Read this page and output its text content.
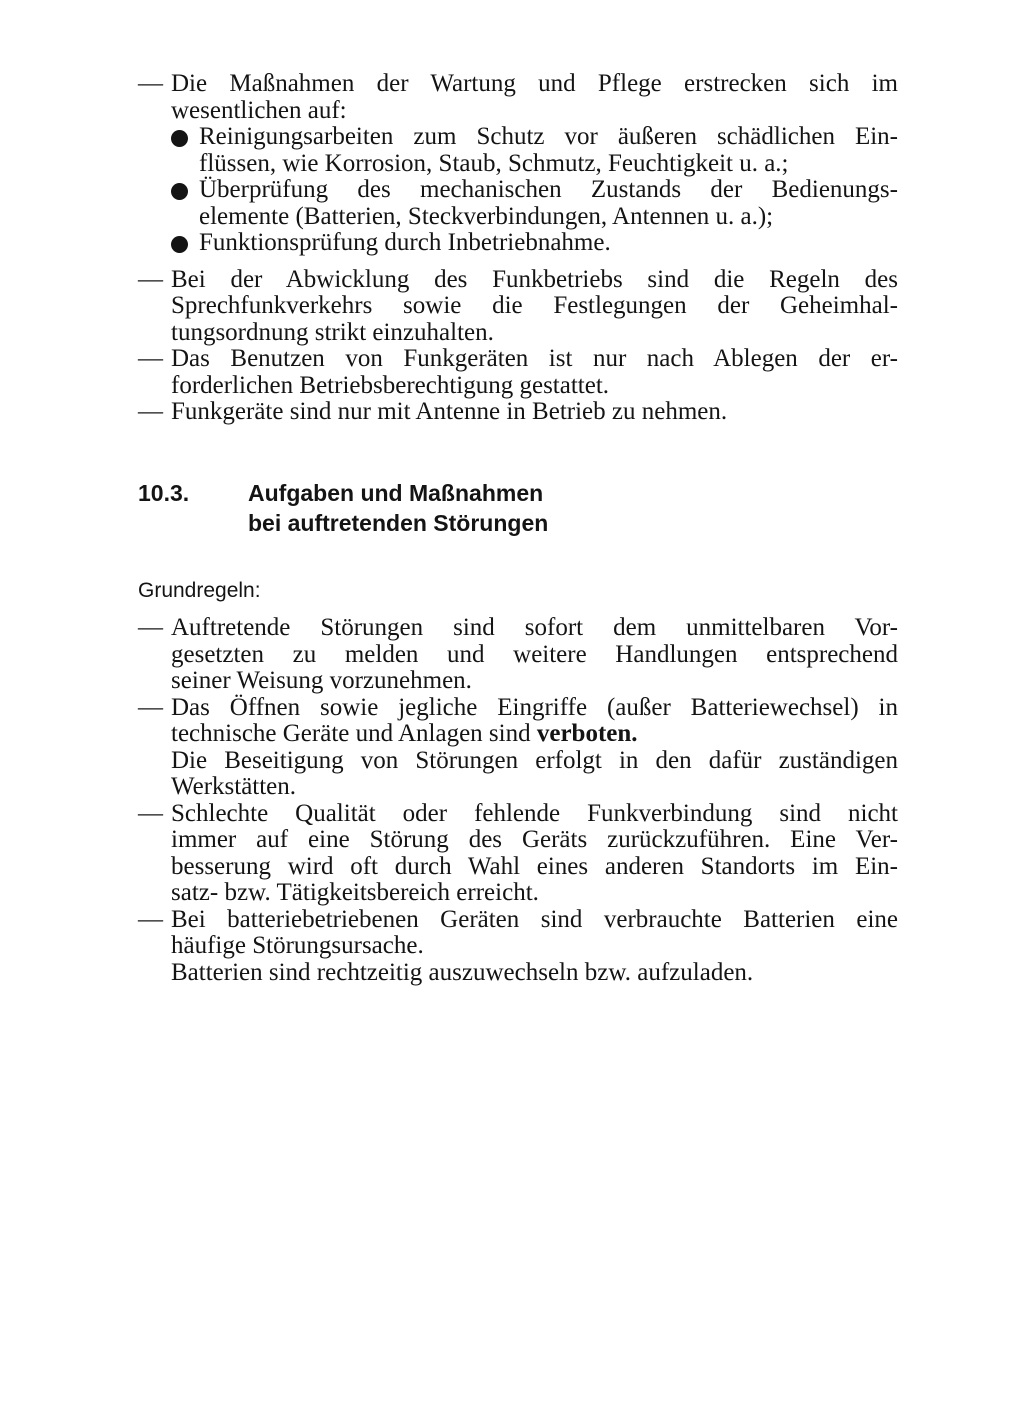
— Die Maßnahmen der Wartung und Pflege erstrecken sich im
wesentlichen auf:
Reinigungsarbeiten zum Schutz vor äußeren schädlichen Ein-
flüssen, wie Korrosion, Staub, Schmutz, Feuchtigkeit u. a.;
Überprüfung des mechanischen Zustands der Bedienungs-
elemente (Batterien, Steckverbindungen, Antennen u. a.);
Funktionsprüfung durch Inbetriebnahme.
— Bei der Abwicklung des Funkbetriebs sind die Regeln des
Sprechfunkverkehrs sowie die Festlegungen der Geheimhal-
tungsordnung strikt einzuhalten.
— Das Benutzen von Funkgeräten ist nur nach Ablegen der er-
forderlichen Betriebsberechtigung gestattet.
— Funkgeräte sind nur mit Antenne in Betrieb zu nehmen.
10.3.	Aufgaben und Maßnahmen
bei auftretenden Störungen
Grundregeln:
— Auftretende Störungen sind sofort dem unmittelbaren Vor-
gesetzten zu melden und weitere Handlungen entsprechend
seiner Weisung vorzunehmen.
— Das Öffnen sowie jegliche Eingriffe (außer Batteriewechsel) in
technische Geräte und Anlagen sind verboten.
Die Beseitigung von Störungen erfolgt in den dafür zuständigen
Werkstätten.
— Schlechte Qualität oder fehlende Funkverbindung sind nicht
immer auf eine Störung des Geräts zurückzuführen. Eine Ver-
besserung wird oft durch Wahl eines anderen Standorts im Ein-
satz- bzw. Tätigkeitsbereich erreicht.
— Bei batteriebetriebenen Geräten sind verbrauchte Batterien eine
häufige Störungsursache.
Batterien sind rechtzeitig auszuwechseln bzw. aufzuladen.
